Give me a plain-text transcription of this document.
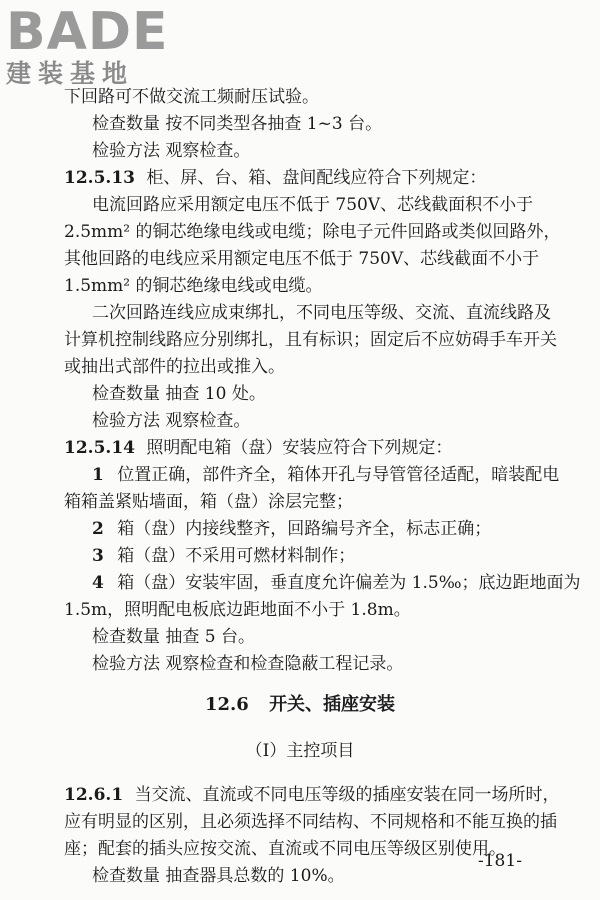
BADE
建装基地
下回路可不做交流工频耐压试验。
检查数量 按不同类型各抽查 1~3 台。
检验方法 观察检查。
12.5.13 柜、屏、台、箱、盘间配线应符合下列规定：
电流回路应采用额定电压不低于 750V、芯线截面积不小于
2.5mm² 的铜芯绝缘电线或电缆；除电子元件回路或类似回路外，
其他回路的电线应采用额定电压不低于 750V、芯线截面不小于
1.5mm² 的铜芯绝缘电线或电缆。
二次回路连线应成束绑扎，不同电压等级、交流、直流线路及
计算机控制线路应分别绑扎，且有标识；固定后不应妨碍手车开关
或抽出式部件的拉出或推入。
检查数量 抽查 10 处。
检验方法 观察检查。
12.5.14 照明配电箱（盘）安装应符合下列规定：
1 位置正确，部件齐全，箱体开孔与导管管径适配，暗装配电
箱箱盖紧贴墙面，箱（盘）涂层完整；
2 箱（盘）内接线整齐，回路编号齐全，标志正确；
3 箱（盘）不采用可燃材料制作；
4 箱（盘）安装牢固，垂直度允许偏差为 1.5‰；底边距地面为
1.5m，照明配电板底边距地面不小于 1.8m。
检查数量 抽查 5 台。
检验方法 观察检查和检查隐蔽工程记录。
12.6 开关、插座安装
（Ⅰ）主控项目
12.6.1 当交流、直流或不同电压等级的插座安装在同一场所时，
应有明显的区别，且必须选择不同结构、不同规格和不能互换的插
座；配套的插头应按交流、直流或不同电压等级区别使用。
检查数量 抽查器具总数的 10%。
-181-
